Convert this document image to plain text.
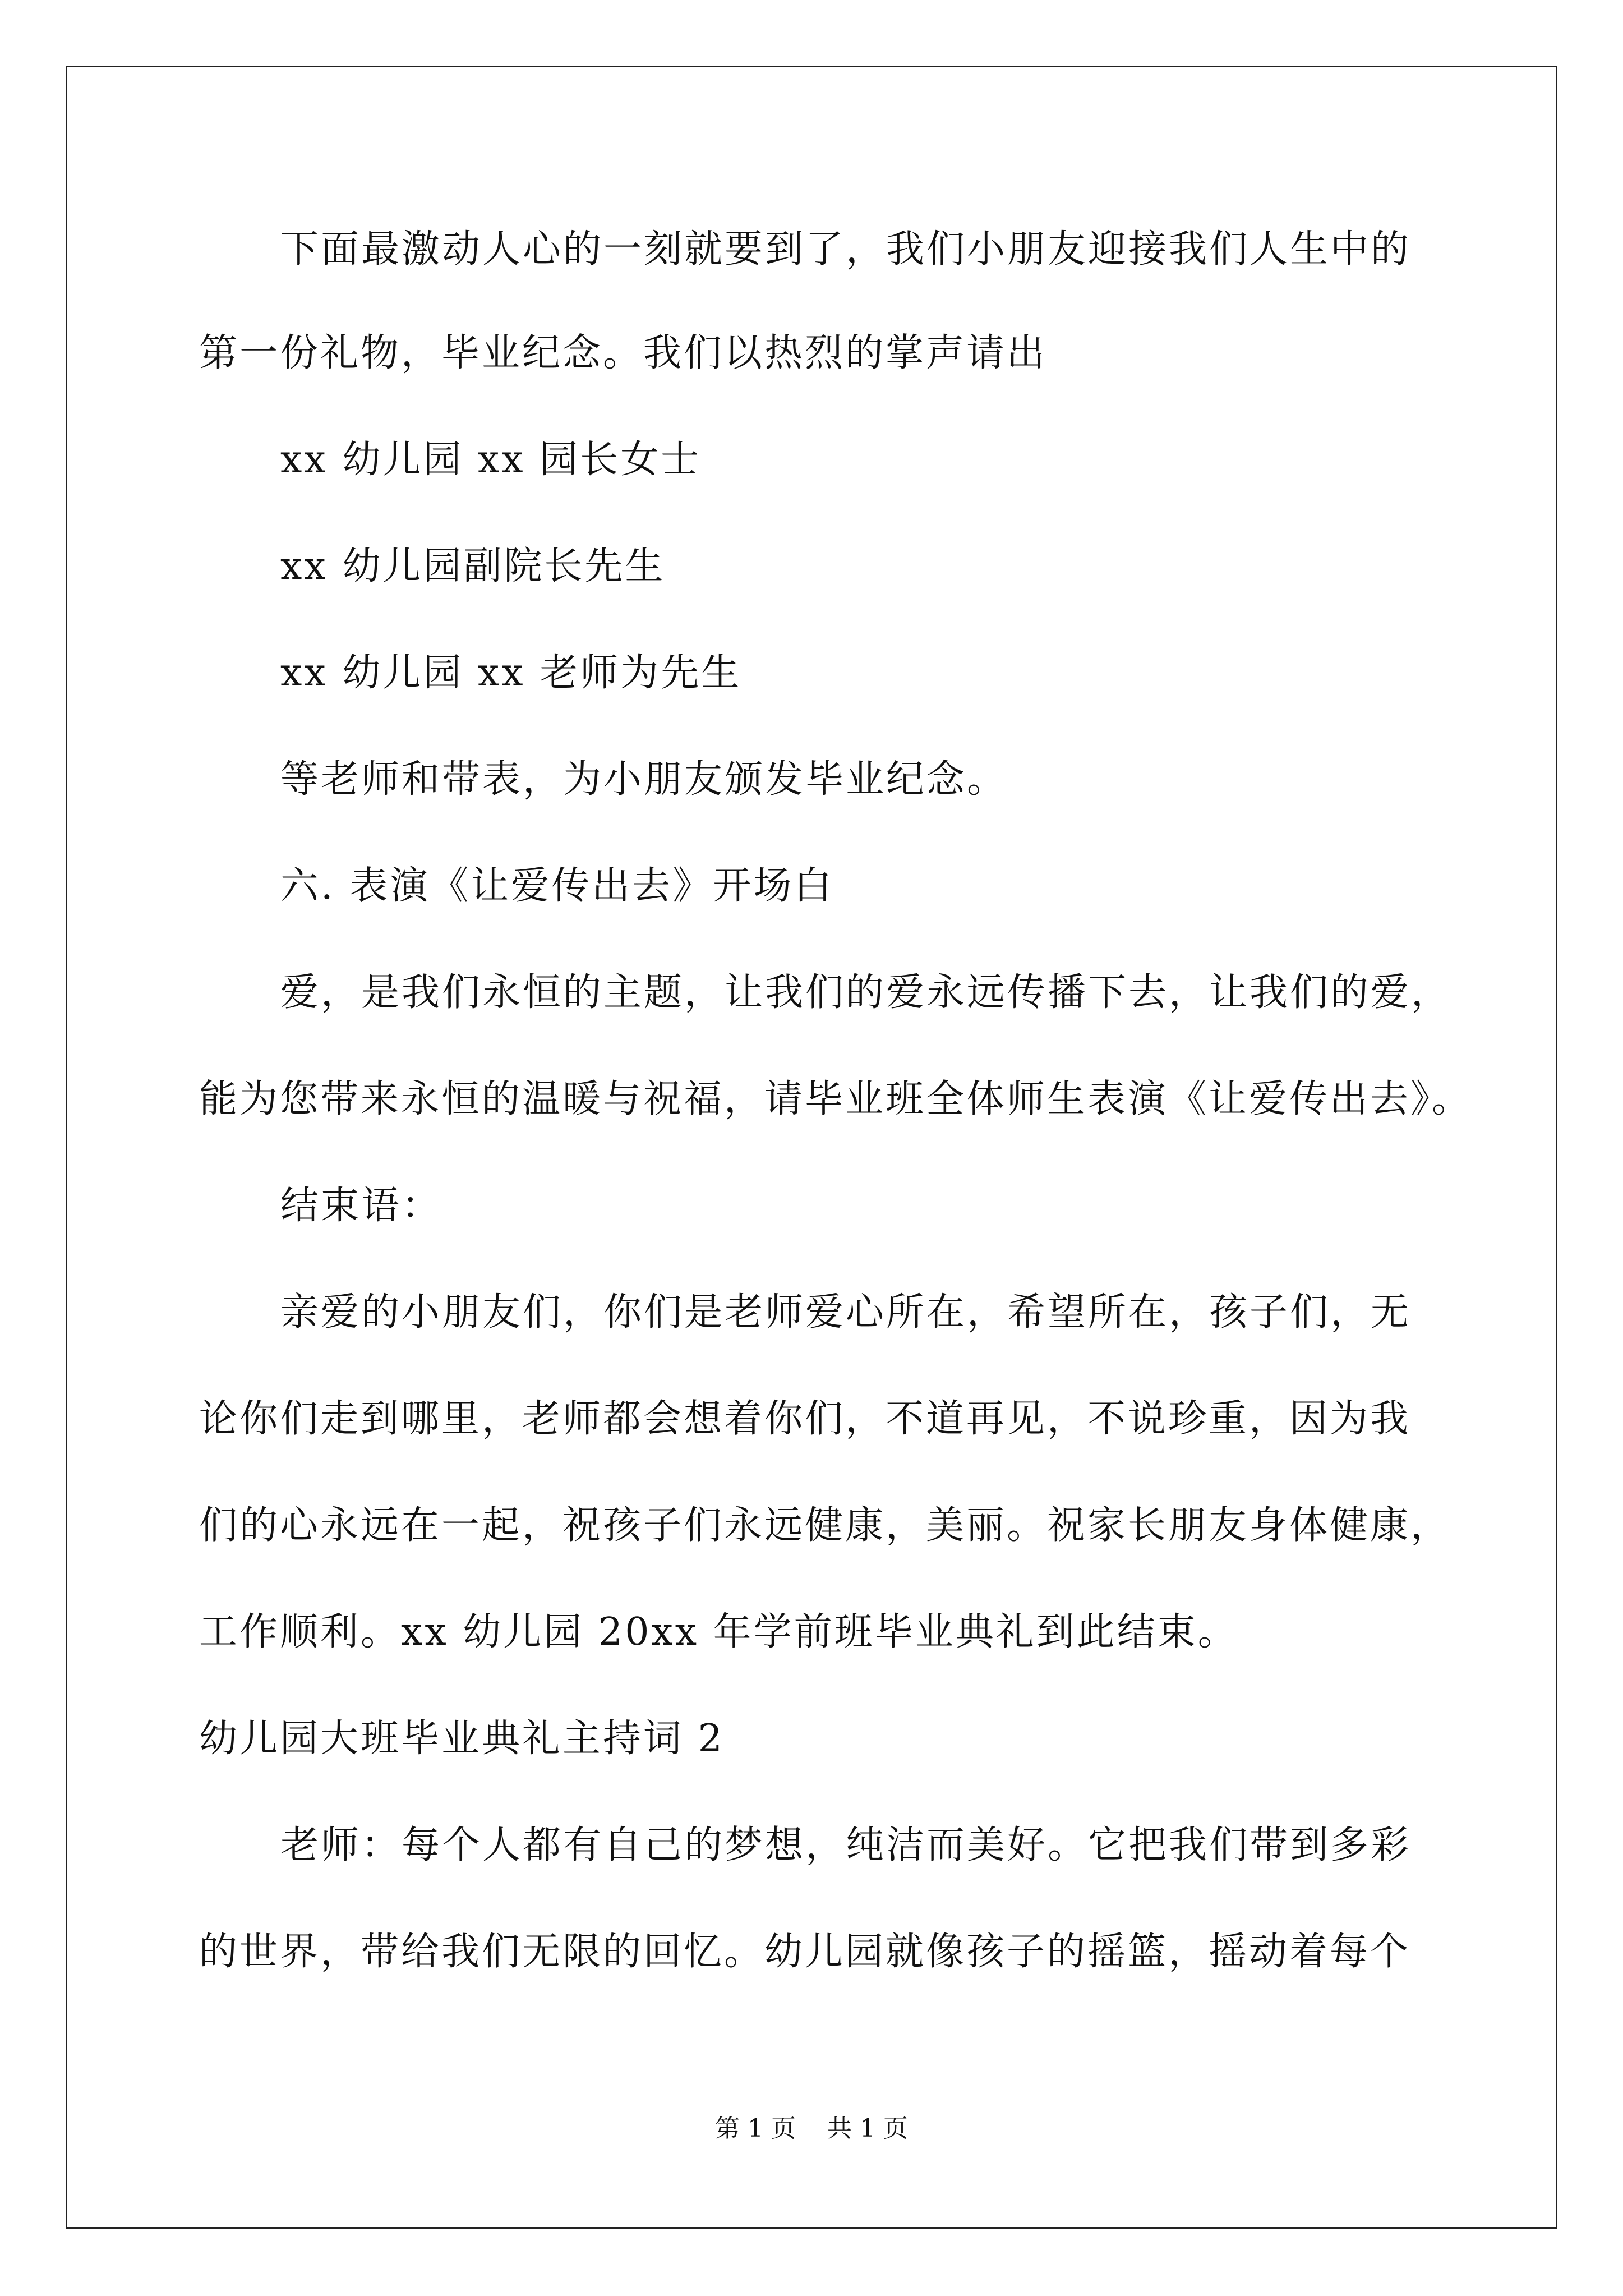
下面最激动人心的一刻就要到了，我们小朋友迎接我们人生中的
第一份礼物，毕业纪念。我们以热烈的掌声请出
xx 幼儿园 xx 园长女士
xx 幼儿园副院长先生
xx 幼儿园 xx 老师为先生
等老师和带表，为小朋友颁发毕业纪念。
六. 表演《让爱传出去》开场白
爱，是我们永恒的主题，让我们的爱永远传播下去，让我们的爱，
能为您带来永恒的温暖与祝福，请毕业班全体师生表演《让爱传出去》。
结束语：
亲爱的小朋友们，你们是老师爱心所在，希望所在，孩子们，无
论你们走到哪里，老师都会想着你们，不道再见，不说珍重，因为我
们的心永远在一起，祝孩子们永远健康，美丽。祝家长朋友身体健康，
工作顺利。xx 幼儿园 20xx 年学前班毕业典礼到此结束。
幼儿园大班毕业典礼主持词 2
老师：每个人都有自己的梦想，纯洁而美好。它把我们带到多彩
的世界，带给我们无限的回忆。幼儿园就像孩子的摇篮，摇动着每个
第 1 页    共 1 页
